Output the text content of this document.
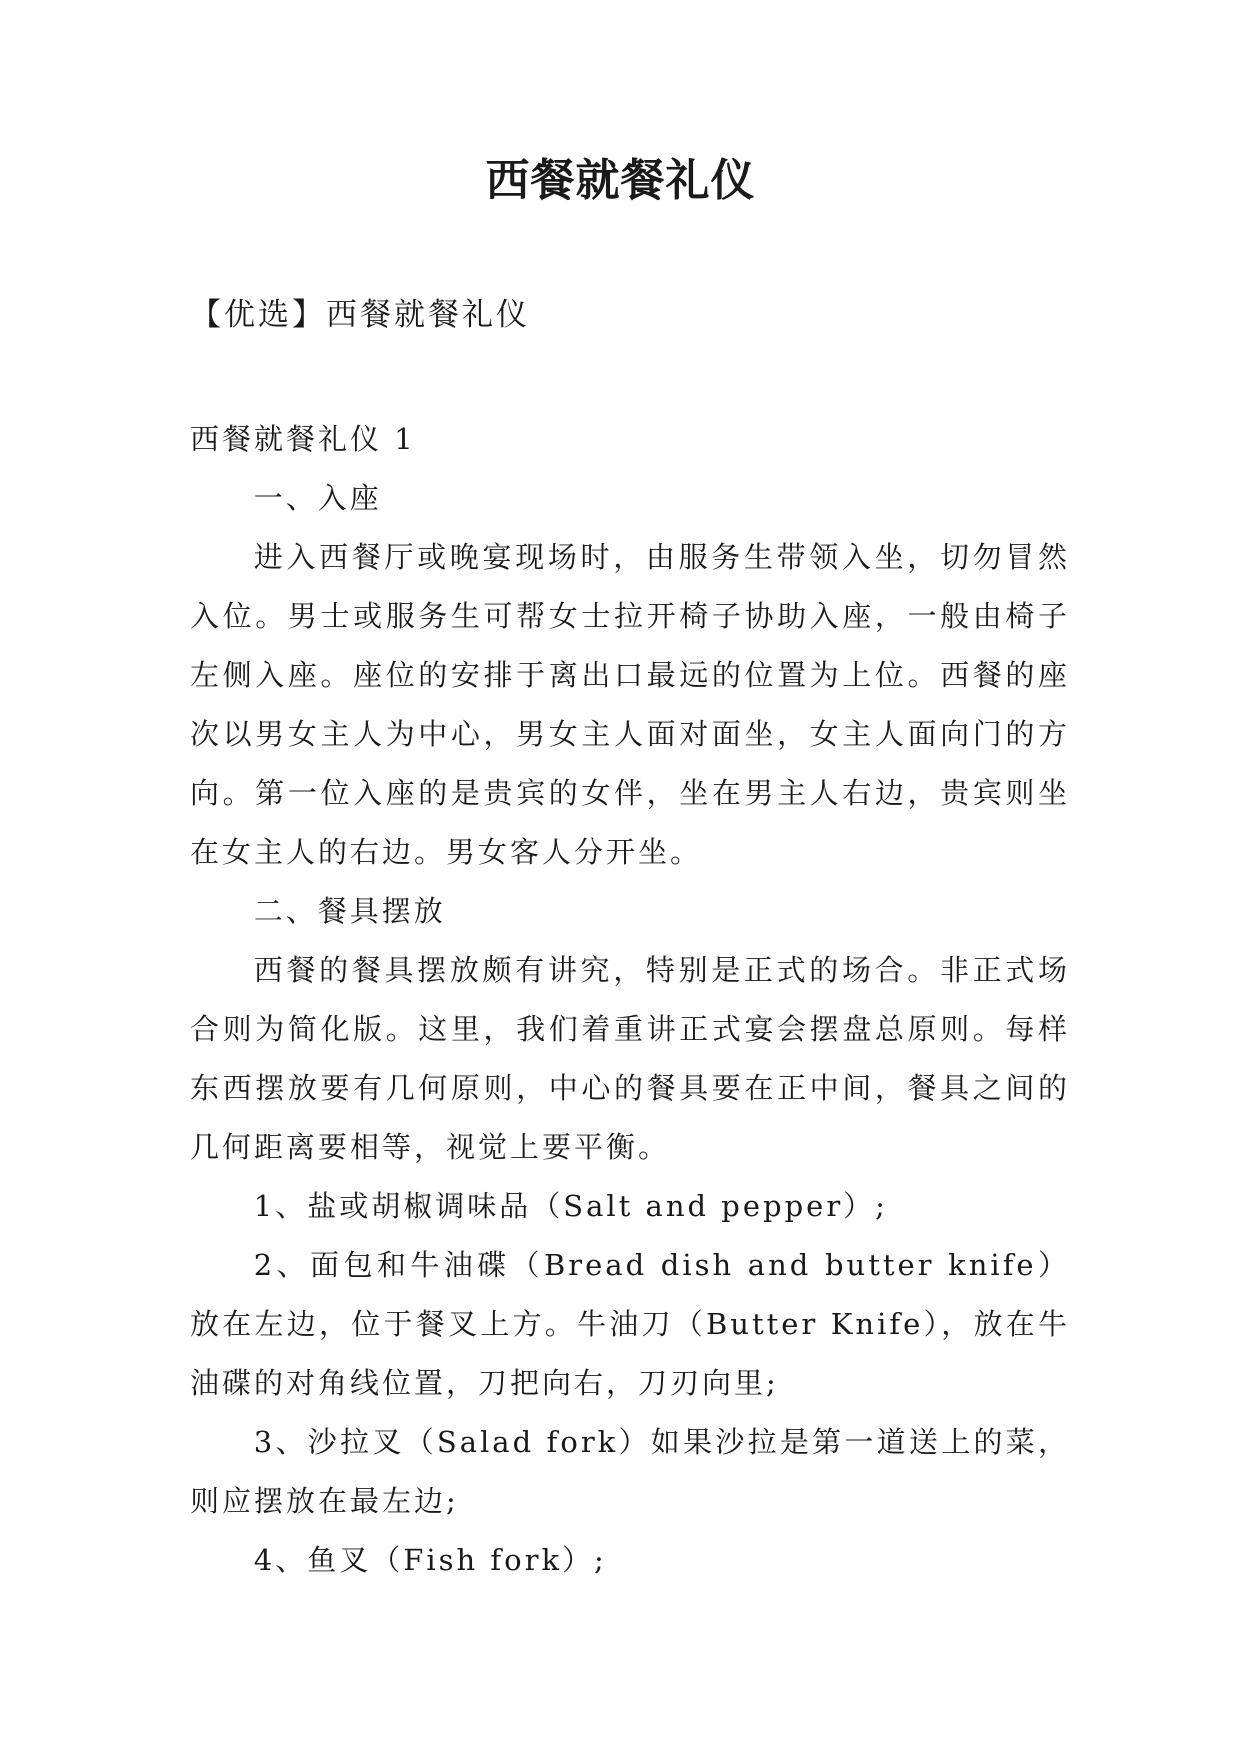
西餐就餐礼仪
【优选】西餐就餐礼仪

西餐就餐礼仪 1

一、入座

进入西餐厅或晚宴现场时，由服务生带领入坐，切勿冒然入位。男士或服务生可帮女士拉开椅子协助入座，一般由椅子左侧入座。座位的安排于离出口最远的位置为上位。西餐的座次以男女主人为中心，男女主人面对面坐，女主人面向门的方向。第一位入座的是贵宾的女伴，坐在男主人右边，贵宾则坐在女主人的右边。男女客人分开坐。

二、餐具摆放

西餐的餐具摆放颇有讲究，特别是正式的场合。非正式场合则为简化版。这里，我们着重讲正式宴会摆盘总原则。每样东西摆放要有几何原则，中心的餐具要在正中间，餐具之间的几何距离要相等，视觉上要平衡。

1、盐或胡椒调味品（Salt and pepper）;

2、面包和牛油碟（Bread dish and butter knife）放在左边，位于餐叉上方。牛油刀（Butter Knife），放在牛油碟的对角线位置，刀把向右，刀刃向里;

3、沙拉叉（Salad fork）如果沙拉是第一道送上的菜，则应摆放在最左边;

4、鱼叉（Fish fork）;
